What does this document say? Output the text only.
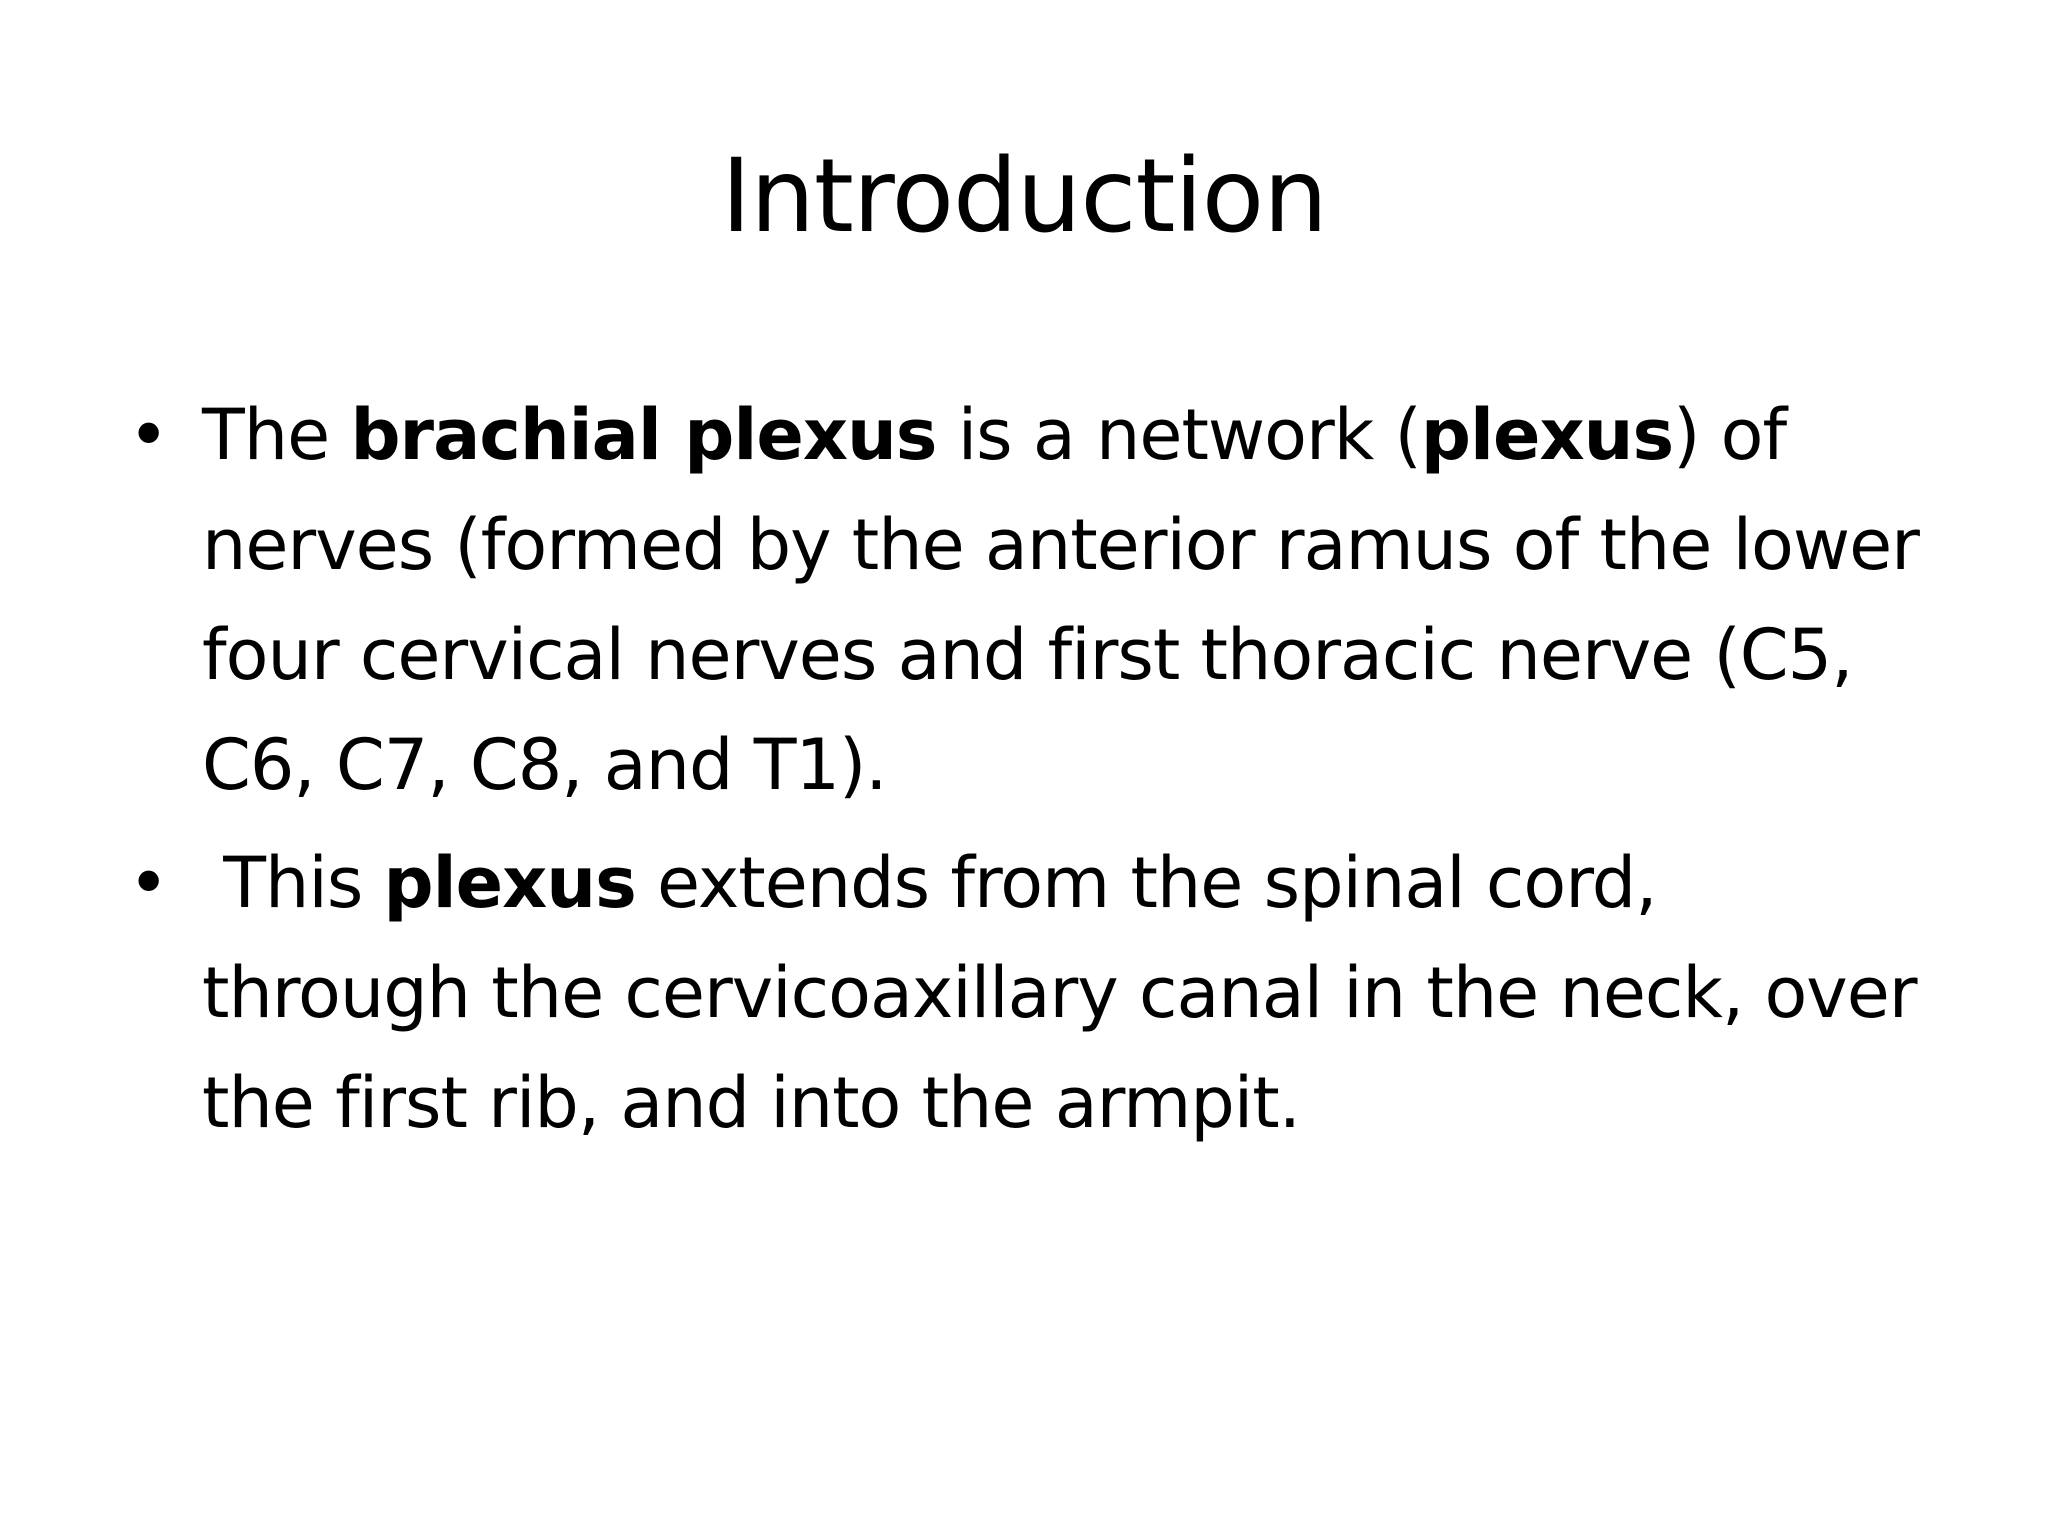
Introduction
• The brachial plexus is a network (plexus) of nerves (formed by the anterior ramus of the lower four cervical nerves and first thoracic nerve (C5, C6, C7, C8, and T1).
• This plexus extends from the spinal cord, through the cervicoaxillary canal in the neck, over the first rib, and into the armpit.
